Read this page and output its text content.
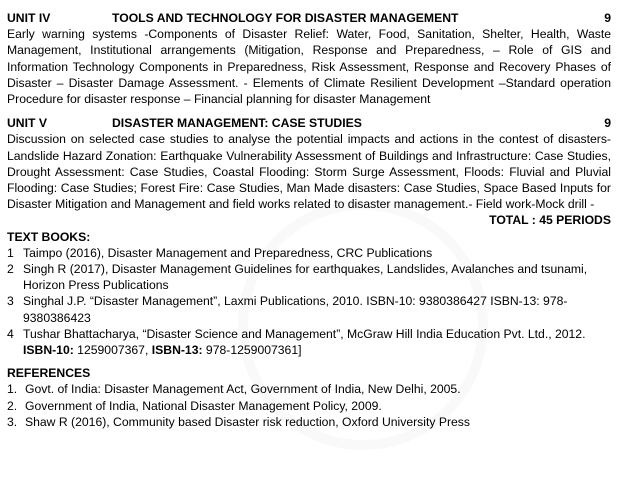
UNIT IV	TOOLS AND TECHNOLOGY FOR DISASTER MANAGEMENT	9
Early warning systems -Components of Disaster Relief: Water, Food, Sanitation, Shelter, Health, Waste Management, Institutional arrangements (Mitigation, Response and Preparedness, – Role of GIS and Information Technology Components in Preparedness, Risk Assessment, Response and Recovery Phases of Disaster – Disaster Damage Assessment. - Elements of Climate Resilient Development –Standard operation Procedure for disaster response – Financial planning for disaster Management
UNIT V	DISASTER MANAGEMENT: CASE STUDIES	9
Discussion on selected case studies to analyse the potential impacts and actions in the contest of disasters-Landslide Hazard Zonation: Earthquake Vulnerability Assessment of Buildings and Infrastructure: Case Studies, Drought Assessment: Case Studies, Coastal Flooding: Storm Surge Assessment, Floods: Fluvial and Pluvial Flooding: Case Studies; Forest Fire: Case Studies, Man Made disasters: Case Studies, Space Based Inputs for Disaster Mitigation and Management and field works related to disaster management.- Field work-Mock drill -
TOTAL : 45 PERIODS
TEXT BOOKS:
1 Taimpo (2016), Disaster Management and Preparedness, CRC Publications
2 Singh R (2017), Disaster Management Guidelines for earthquakes, Landslides, Avalanches and tsunami, Horizon Press Publications
3 Singhal J.P. “Disaster Management”, Laxmi Publications, 2010. ISBN-10: 9380386427 ISBN-13: 978-9380386423
4 Tushar Bhattacharya, “Disaster Science and Management”, McGraw Hill India Education Pvt. Ltd., 2012. ISBN-10: 1259007367, ISBN-13: 978-1259007361]
REFERENCES
1. Govt. of India: Disaster Management Act, Government of India, New Delhi, 2005.
2. Government of India, National Disaster Management Policy, 2009.
3. Shaw R (2016), Community based Disaster risk reduction, Oxford University Press
